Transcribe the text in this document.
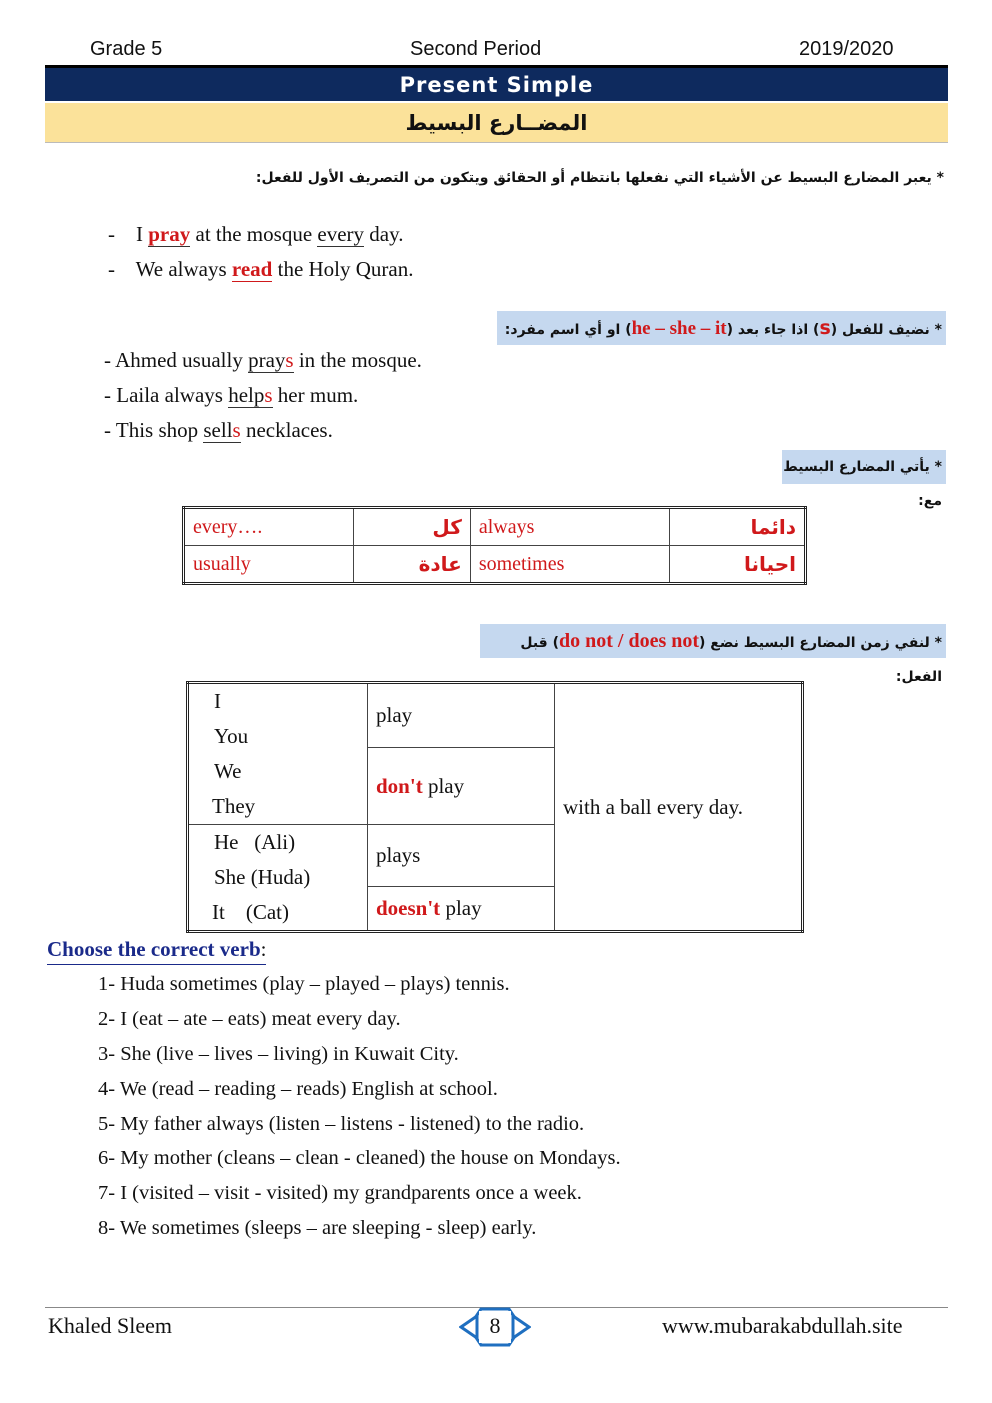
Grade 5	Second Period	2019/2020
Present Simple
المضــارع البسيط
* يعبر المضارع البسيط عن الأشياء التي نفعلها بانتظام أو الحقائق ويتكون من التصريف الأول للفعل:
- I pray at the mosque every day.
- We always read the Holy Quran.
* نضيف للفعل (s) اذا جاء بعد (he – she – it) او أي اسم مفرد:
- Ahmed usually prays in the mosque.
- Laila always helps her mum.
- This shop sells necklaces.
* يأتي المضارع البسيط مع:
every….	كل	always	دائما
usually	عادة	sometimes	احيانا
* لنفي زمن المضارع البسيط نضع (do not / does not) قبل الفعل:
I
You
We
They	play	with a ball every day.
	don't play	

He   (Ali)
She (Huda)
It    (Cat)	plays	
	doesn't play	
Choose the correct verb:
1- Huda sometimes (play – played – plays) tennis.
2- I (eat – ate – eats) meat every day.
3- She (live – lives – living) in Kuwait City.
4- We (read – reading – reads) English at school.
5- My father always (listen – listens - listened) to the radio.
6- My mother (cleans – clean - cleaned) the house on Mondays.
7- I (visited – visit - visited) my grandparents once a week.
8- We sometimes (sleeps – are sleeping - sleep) early.
Khaled Sleem	8	www.mubarakabdullah.site
